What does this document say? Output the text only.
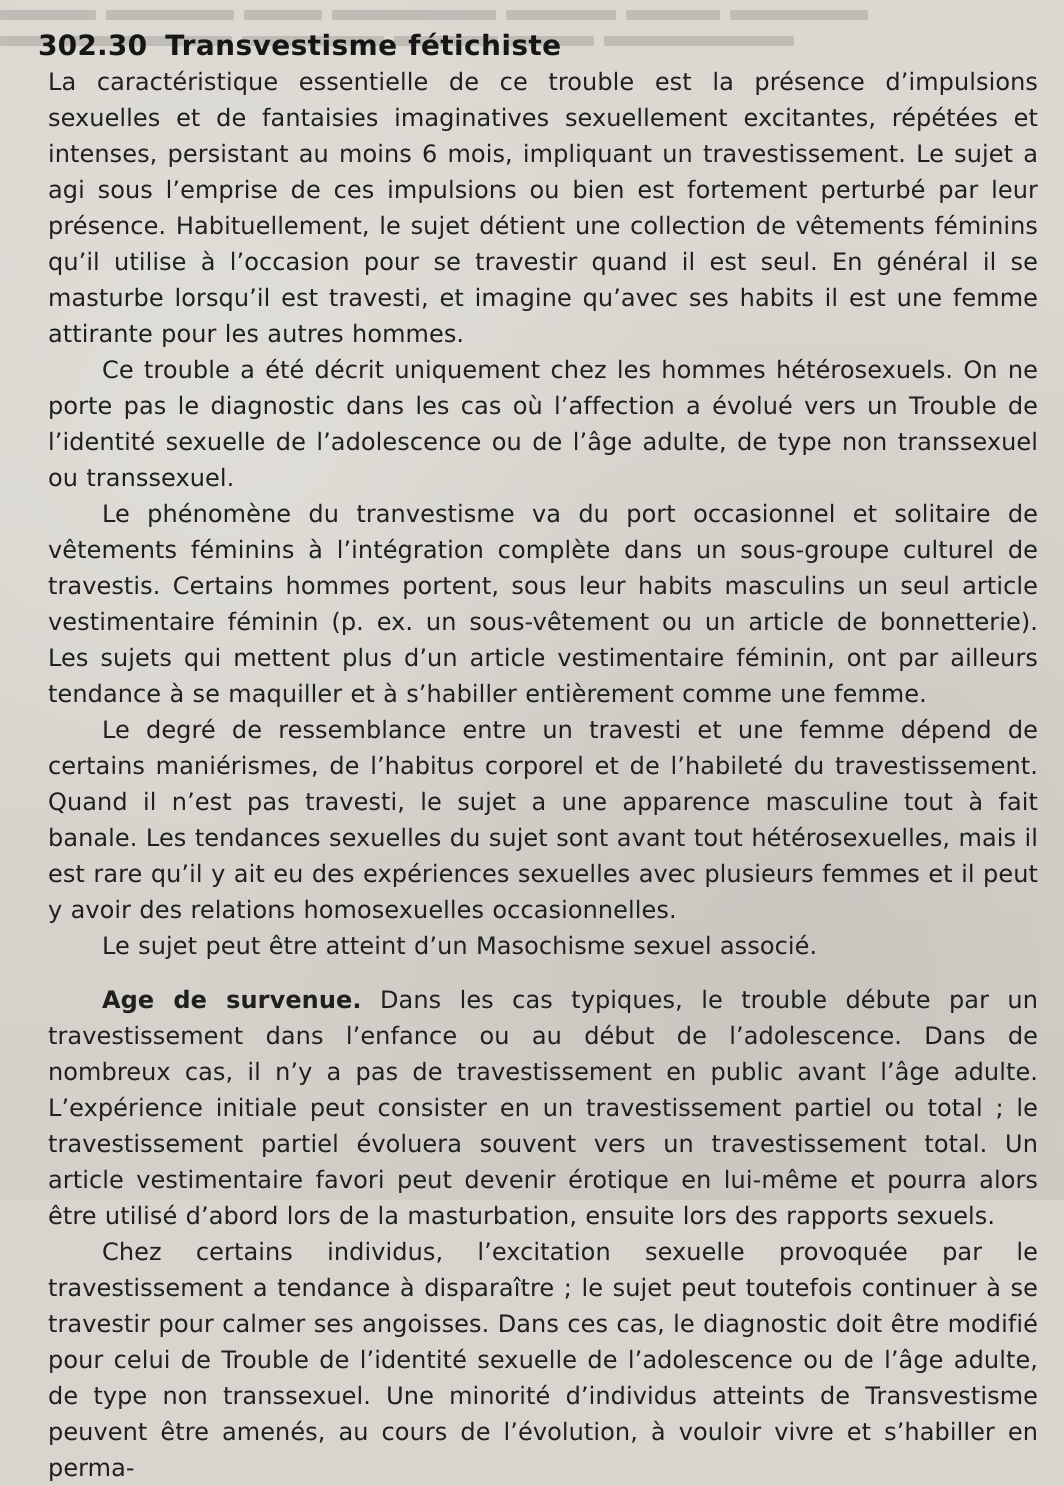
302.30 Transvestisme fétichiste

La caractéristique essentielle de ce trouble est la présence d’impulsions sexuelles et de fantaisies imaginatives sexuellement excitantes, répétées et intenses, persistant au moins 6 mois, impliquant un travestissement. Le sujet a agi sous l’emprise de ces impulsions ou bien est fortement perturbé par leur présence. Habituellement, le sujet détient une collection de vêtements féminins qu’il utilise à l’occasion pour se travestir quand il est seul. En général il se masturbe lorsqu’il est travesti, et imagine qu’avec ses habits il est une femme attirante pour les autres hommes.

Ce trouble a été décrit uniquement chez les hommes hétérosexuels. On ne porte pas le diagnostic dans les cas où l’affection a évolué vers un Trouble de l’identité sexuelle de l’adolescence ou de l’âge adulte, de type non transsexuel ou transsexuel.

Le phénomène du tranvestisme va du port occasionnel et solitaire de vêtements féminins à l’intégration complète dans un sous-groupe culturel de travestis. Certains hommes portent, sous leur habits masculins un seul article vestimentaire féminin (p. ex. un sous-vêtement ou un article de bonnetterie). Les sujets qui mettent plus d’un article vestimentaire féminin, ont par ailleurs tendance à se maquiller et à s’habiller entièrement comme une femme.

Le degré de ressemblance entre un travesti et une femme dépend de certains maniérismes, de l’habitus corporel et de l’habileté du travestissement. Quand il n’est pas travesti, le sujet a une apparence masculine tout à fait banale. Les tendances sexuelles du sujet sont avant tout hétérosexuelles, mais il est rare qu’il y ait eu des expériences sexuelles avec plusieurs femmes et il peut y avoir des relations homosexuelles occasionnelles.

Le sujet peut être atteint d’un Masochisme sexuel associé.

Age de survenue. Dans les cas typiques, le trouble débute par un travestissement dans l’enfance ou au début de l’adolescence. Dans de nombreux cas, il n’y a pas de travestissement en public avant l’âge adulte. L’expérience initiale peut consister en un travestissement partiel ou total ; le travestissement partiel évoluera souvent vers un travestissement total. Un article vestimentaire favori peut devenir érotique en lui-même et pourra alors être utilisé d’abord lors de la masturbation, ensuite lors des rapports sexuels.

Chez certains individus, l’excitation sexuelle provoquée par le travestissement a tendance à disparaître ; le sujet peut toutefois continuer à se travestir pour calmer ses angoisses. Dans ces cas, le diagnostic doit être modifié pour celui de Trouble de l’identité sexuelle de l’adolescence ou de l’âge adulte, de type non transsexuel. Une minorité d’individus atteints de Transvestisme peuvent être amenés, au cours de l’évolution, à vouloir vivre et s’habiller en perma-
